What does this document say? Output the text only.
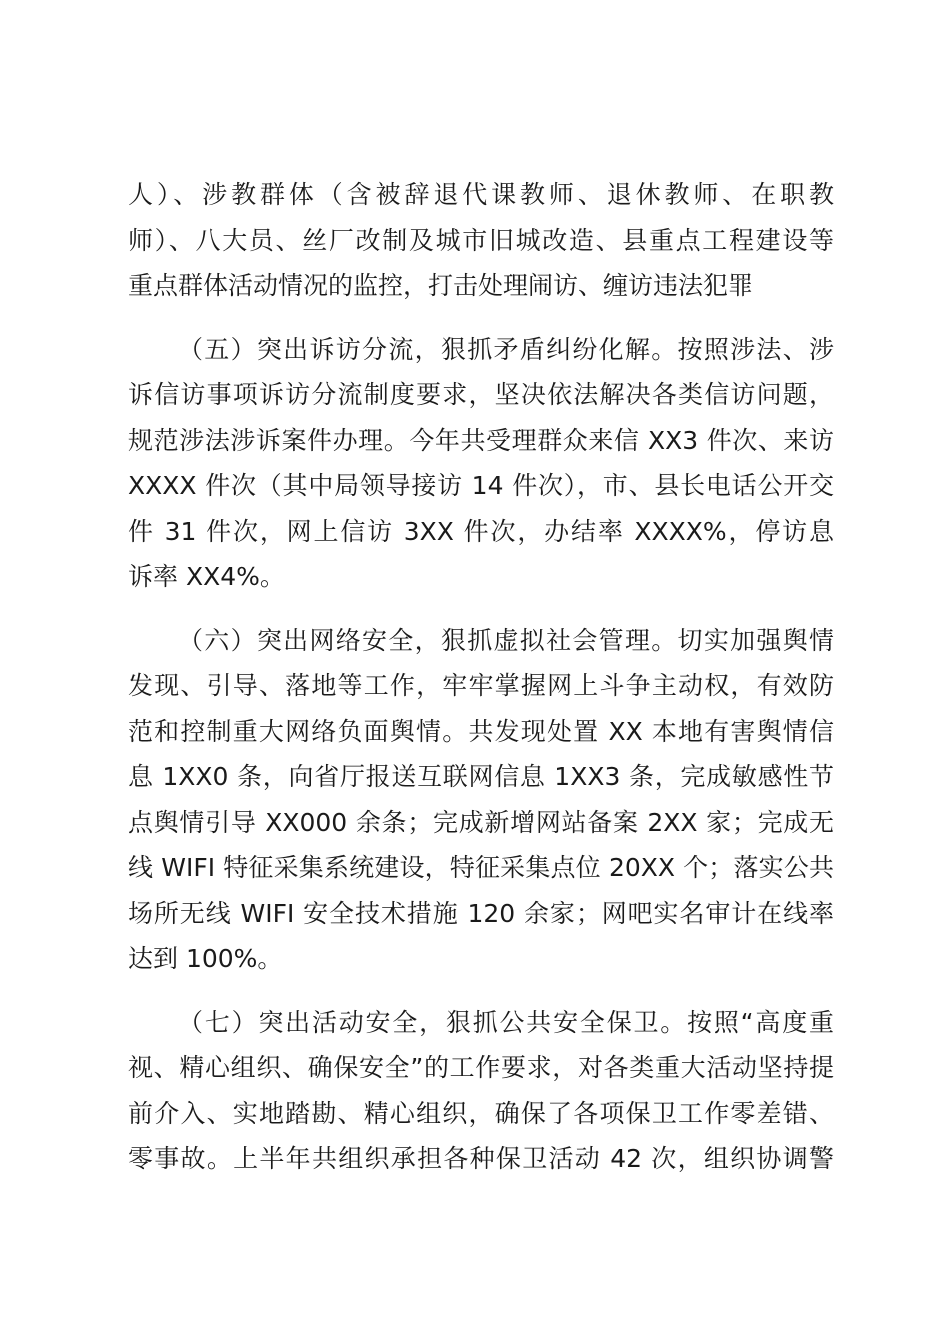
人）、涉教群体（含被辞退代课教师、退休教师、在职教
师）、八大员、丝厂改制及城市旧城改造、县重点工程建设等
重点群体活动情况的监控，打击处理闹访、缠访违法犯罪
（五）突出诉访分流，狠抓矛盾纠纷化解。按照涉法、涉
诉信访事项诉访分流制度要求，坚决依法解决各类信访问题，
规范涉法涉诉案件办理。今年共受理群众来信 XX3 件次、来访
XXXX 件次（其中局领导接访 14 件次），市、县长电话公开交
件 31 件次，网上信访 3XX 件次，办结率 XXXX%，停访息
诉率 XX4%。
（六）突出网络安全，狠抓虚拟社会管理。切实加强舆情
发现、引导、落地等工作，牢牢掌握网上斗争主动权，有效防
范和控制重大网络负面舆情。共发现处置 XX 本地有害舆情信
息 1XX0 条，向省厅报送互联网信息 1XX3 条，完成敏感性节
点舆情引导 XX000 余条；完成新增网站备案 2XX 家；完成无
线 WIFI 特征采集系统建设，特征采集点位 20XX 个；落实公共
场所无线 WIFI 安全技术措施 120 余家；网吧实名审计在线率
达到 100%。
（七）突出活动安全，狠抓公共安全保卫。按照“高度重
视、精心组织、确保安全”的工作要求，对各类重大活动坚持提
前介入、实地踏勘、精心组织，确保了各项保卫工作零差错、
零事故。上半年共组织承担各种保卫活动 42 次，组织协调警
